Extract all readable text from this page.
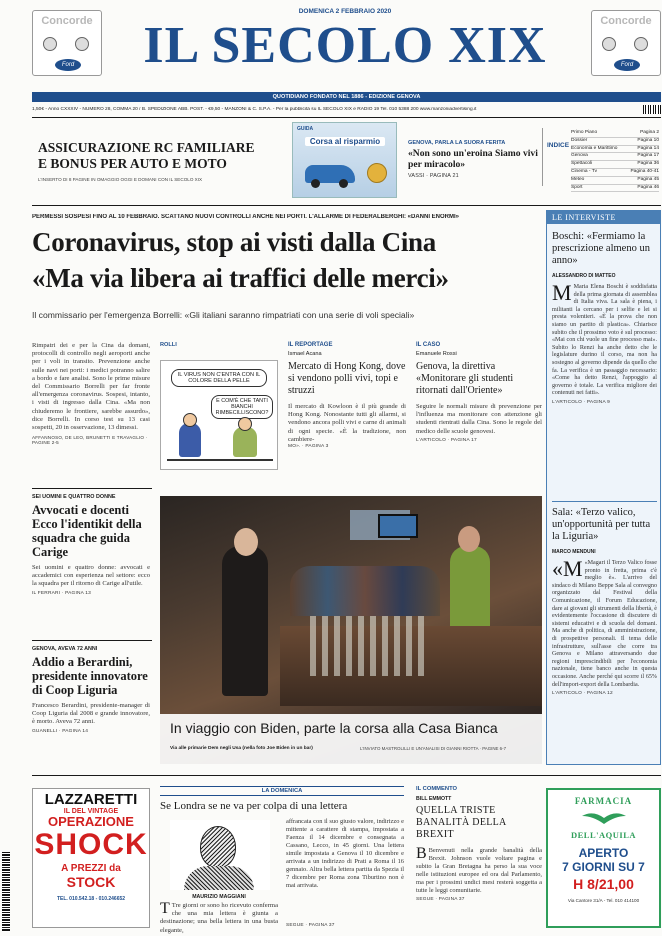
Concorde
Ford
Concorde
Ford
DOMENICA 2 FEBBRAIO 2020
IL SECOLO XIX
QUOTIDIANO FONDATO NEL 1886 - EDIZIONE GENOVA
1,50€ - Anno CXXXIV - NUMERO 28, COMMA 20 / B. SPEDIZIONE ABB. POST. - €9,50 - MANZONI & C. S.P.A. - Per la pubblicità su IL SECOLO XIX e RADIO 19 Tel. 010 5388 200 www.manzoniadvertising.it
ASSICURAZIONE RC FAMILIARE
E BONUS PER AUTO E MOTO
L'INSERTO DI 8 PAGINE IN OMAGGIO OGGI E DOMANI CON IL SECOLO XIX
GUIDA
Corsa al risparmio	GENOVA, PARLA LA SUORA FERITA
«Non sono un'eroina Siamo vivi per miracolo»
VASSI · PAGINA 21
INDICE
Primo Piano	Pagina 2
Dossier	Pagina 10
Economia e Marittimo	Pagina 14
Genova	Pagina 17
Spettacoli	Pagina 36
Cinema - Tv	Pagina 40-41
Meteo	Pagina 45
Sport	Pagina 46
PERMESSI SOSPESI FINO AL 10 FEBBRAIO. SCATTANO NUOVI CONTROLLI ANCHE NEI PORTI. L'ALLARME DI FEDERALBERGHI: «DANNI ENORMI»
Coronavirus, stop ai visti dalla Cina
«Ma via libera ai traffici delle merci»
Il commissario per l'emergenza Borrelli: «Gli italiani saranno rimpatriati con una serie di voli speciali»
Rimpatri dei e per la Cina da domani, protocolli di controllo negli aeroporti anche per i voli in transito. Prevenzione anche sulle navi nei porti: i medici potranno salire a bordo e fare analisi. Sono le prime misure del Commissario Borrelli per far fronte all'emergenza coronavirus. Sospesi, intanto, i visti di ingresso dalla Cina. «Ma non chiuderemo le frontiere, sarebbe assurdo», dice Borrelli. In corso test su 13 casi sospetti, 20 in osservazione, 13 dimessi.
AFFANNOSO, DE LEO, BRUNETTI E TRAVAGLIO · PAGINE 2-5
ROLLI
IL VIRUS NON C'ENTRA CON IL COLORE DELLA PELLE
E COM'È CHE TANTI BIANCHI RIMBECILLISCONO?
IL REPORTAGE
Ismael Acana
Mercato di Hong Kong, dove si vendono polli vivi, topi e struzzi
Il mercato di Kowloon è il più grande di Hong Kong. Nonostante tutti gli allarmi, si vendono ancora polli vivi e carne di animali di ogni specie. «È la tradizione, non cambiere-
MO». · PAGINA 3
IL CASO
Emanuele Rossi
Genova, la direttiva «Monitorare gli studenti ritornati dall'Oriente»
Seguire le normali misure di prevenzione per l'influenza ma monitorare con attenzione gli studenti rientrati dalla Cina. Sono le regole del medico delle scuole genovesi.
L'ARTICOLO · PAGINA 17
SEI UOMINI E QUATTRO DONNE
Avvocati e docenti Ecco l'identikit della squadra che guida Carige
Sei uomini e quattro donne: avvocati e accademici con esperienza nel settore: ecco la squadra per il ritorno di Carige all'utile.
IL FERRARI · PAGINA 13
GENOVA, AVEVA 72 ANNI
Addio a Berardini, presidente innovatore di Coop Liguria
Francesco Berardini, presidente-manager di Coop Liguria dal 2008 e grande innovatore, è morto. Aveva 72 anni.
GUANELLI · PAGINA 14	In viaggio con Biden, parte la corsa alla Casa Bianca
Via alle primarie Dem negli Usa (nella foto Joe Biden in un bar)	L'INVIATO MASTROLILLI E UN'ANALISI DI GIANNI RIOTTA · PAGINE 6-7
LE INTERVISTE
Boschi: «Fermiamo la prescrizione almeno un anno»
ALESSANDRO DI MATTEO
M Maria Elena Boschi è soddisfatta della prima giornata di assemblea di Italia viva. La sala è piena, i militanti la cercano per i selfie e lei si presta volentieri. «È la prova che non siamo un partito di plastica». Chiarisce subito che il prossimo voto è sul processo: «Mai con chi vuole un fine processo mai». Subito lo Renzi ha anche detto che le legislature durino il corso, ma non ha sostegno al governo dipende da quello che fa. La verifica è un passaggio necessario: «Come ha detto Renzi, l'appoggio al governo è totale. La verifica migliore dei contenuti nei fatti».
L'ARTICOLO · PAGINA 9
Sala: «Terzo valico, un'opportunità per tutta la Liguria»
MARCO MENDUNI
«M «Magari il Terzo Valico fosse pronto in fretta, prima c'è meglio è». L'arrivo del sindaco di Milano Beppe Sala al convegno organizzato dal Festival della Comunicazione, il Forum Educazione, dare ai giovani gli strumenti della libertà, è evidentemente l'occasione di discutere di sistemi educativi e di scuola del domani. Ma anche di politica, di amministrazione, di prospettive personali. Il tema delle infrastrutture, sull'asse che corre tra Genova e Milano attraversando due regioni imprescindibili per l'economia nazionale, tiene banco anche in questa occasione. Anche perché qui scorre il 65% dell'import-export della Lombardia.
L'ARTICOLO · PAGINA 12
LAZZARETTI
IL DEL VINTAGE
OPERAZIONE
SHOCK
A PREZZI da
STOCK
TEL. 010.542.18 - 010.246652
LA DOMENICA
Se Londra se ne va per colpa di una lettera
MAURIZIO MAGGIANI
T Tre giorni or sono ho ricevuto conferma che una mia lettera è giunta a destinazione; una bella lettera in una busta elegante,
affrancata con il suo giusto valore, indirizzo e mittente a carattere di stampa, impostata a Faenza il 14 dicembre e consegnata a Cassano, Lecco, in 45 giorni. Una lettera simile impostata a Genova il 10 dicembre e arrivata a un indirizzo di Prati a Roma il 16 gennaio. Altra bella lettera partita da Spezia il 7 dicembre per Roma zona Tiburtino non è mai arrivata.
SEGUE · PAGINA 37
IL COMMENTO
BILL EMMOTT
QUELLA TRISTE BANALITÀ DELLA BREXIT
B Benvenuti nella grande banalità della Brexit. Johnson vuole voltare pagina e subito la Gran Bretagna ha perso la sua voce nelle istituzioni europee ed ora dal Parlamento, ma per i prossimi undici mesi resterà soggetta a tutte le leggi comunitarie.
SEGUE · PAGINA 37
FARMACIA
DELL'AQUILA
APERTO
7 GIORNI SU 7
H 8/21,00
Via Cantore 31/A - Tel. 010 414100
